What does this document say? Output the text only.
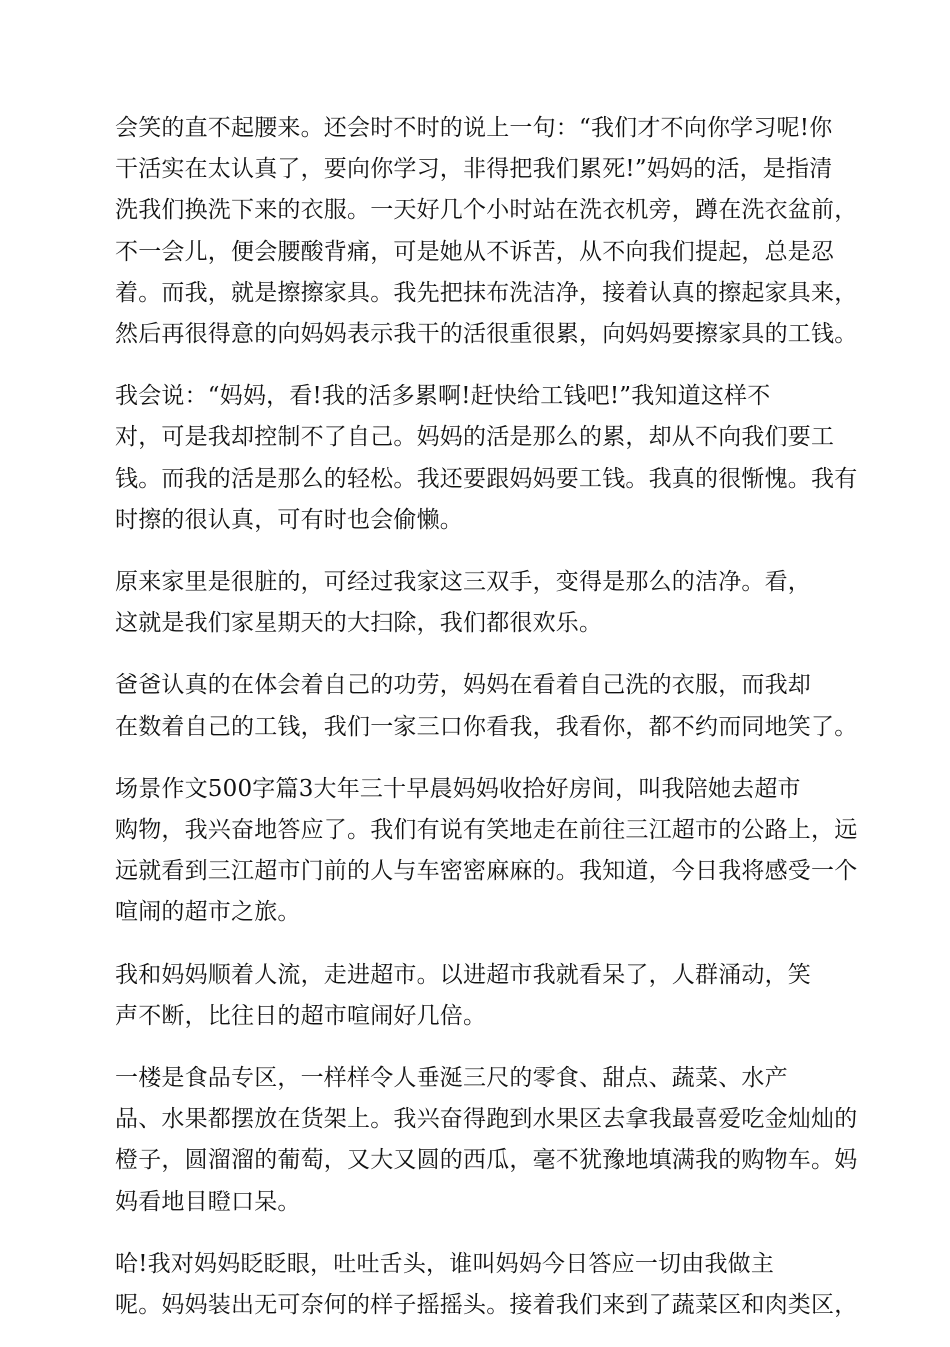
会笑的直不起腰来。还会时不时的说上一句：“我们才不向你学习呢!你
干活实在太认真了，要向你学习，非得把我们累死!”妈妈的活，是指清
洗我们换洗下来的衣服。一天好几个小时站在洗衣机旁，蹲在洗衣盆前，
不一会儿，便会腰酸背痛，可是她从不诉苦，从不向我们提起，总是忍
着。而我，就是擦擦家具。我先把抹布洗洁净，接着认真的擦起家具来，
然后再很得意的向妈妈表示我干的活很重很累，向妈妈要擦家具的工钱。

我会说：“妈妈，看!我的活多累啊!赶快给工钱吧!”我知道这样不
对，可是我却控制不了自己。妈妈的活是那么的累，却从不向我们要工
钱。而我的活是那么的轻松。我还要跟妈妈要工钱。我真的很惭愧。我有
时擦的很认真，可有时也会偷懒。

原来家里是很脏的，可经过我家这三双手，变得是那么的洁净。看，
这就是我们家星期天的大扫除，我们都很欢乐。

爸爸认真的在体会着自己的功劳，妈妈在看着自己洗的衣服，而我却
在数着自己的工钱，我们一家三口你看我，我看你，都不约而同地笑了。

场景作文500字篇3大年三十早晨妈妈收拾好房间，叫我陪她去超市
购物，我兴奋地答应了。我们有说有笑地走在前往三江超市的公路上，远
远就看到三江超市门前的人与车密密麻麻的。我知道，今日我将感受一个
喧闹的超市之旅。

我和妈妈顺着人流，走进超市。以进超市我就看呆了，人群涌动，笑
声不断，比往日的超市喧闹好几倍。

一楼是食品专区，一样样令人垂涎三尺的零食、甜点、蔬菜、水产
品、水果都摆放在货架上。我兴奋得跑到水果区去拿我最喜爱吃金灿灿的
橙子，圆溜溜的葡萄，又大又圆的西瓜，毫不犹豫地填满我的购物车。妈
妈看地目瞪口呆。

哈!我对妈妈眨眨眼，吐吐舌头，谁叫妈妈今日答应一切由我做主
呢。妈妈装出无可奈何的样子摇摇头。接着我们来到了蔬菜区和肉类区，
